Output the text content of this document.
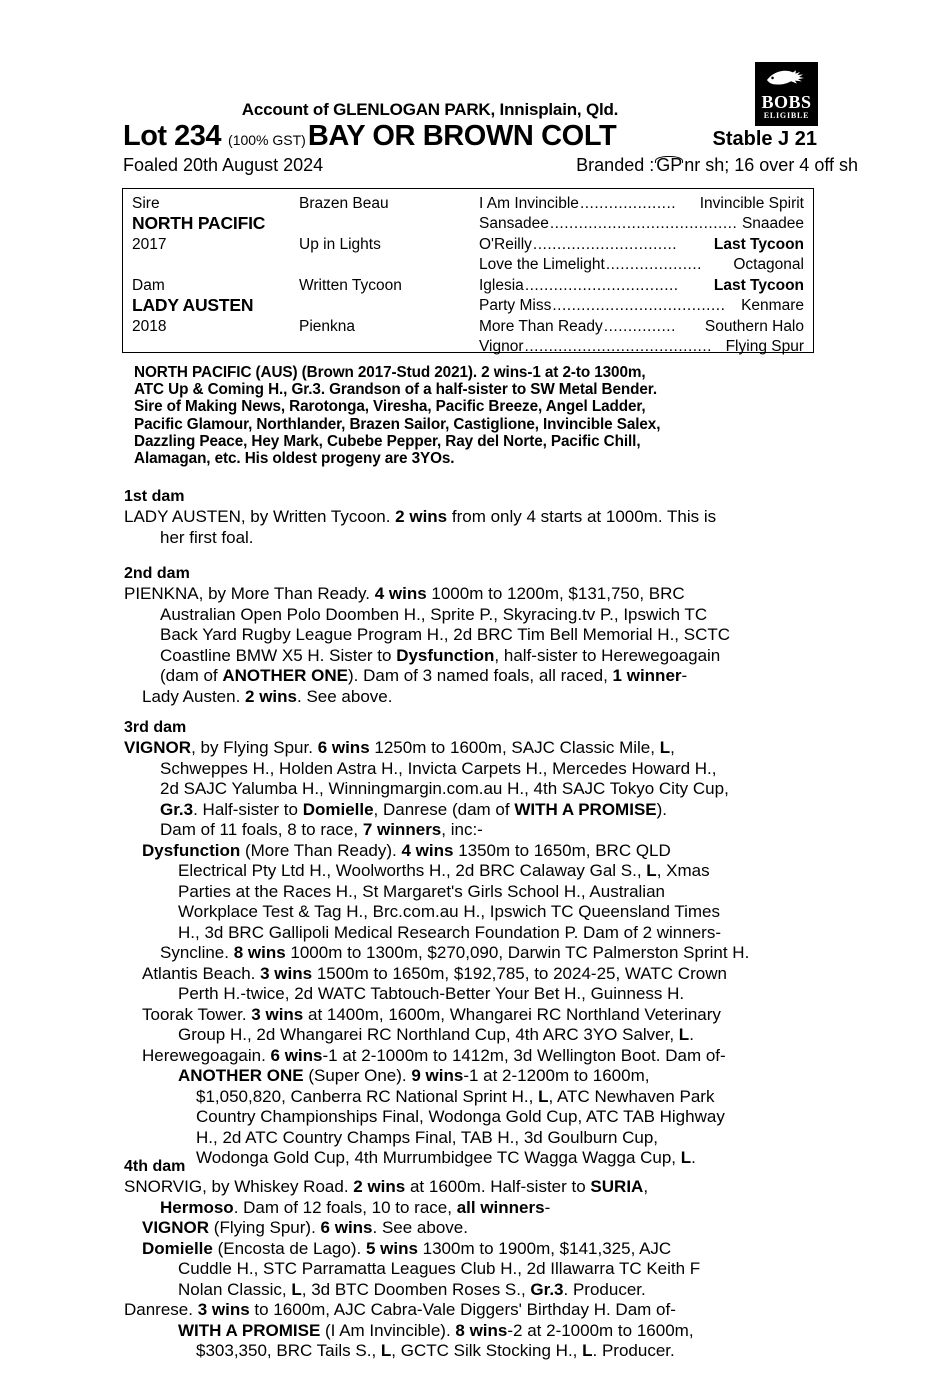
BOBS
ELIGIBLE
Account of GLENLOGAN PARK, Innisplain, Qld.
Lot 234 (100% GST) BAY OR BROWN COLT	Stable J 21
Foaled 20th August 2024	Branded : GP nr sh; 16 over 4 off sh
Sire	Brazen Beau	I Am Invincible ....................	Invincible Spirit
NORTH PACIFIC	Sansadee ....................................... Snaadee
2017	Up in Lights	O'Reilly ..............................	Last Tycoon
Love the Limelight ....................	Octagonal
Dam	Written Tycoon	Iglesia ................................	Last Tycoon
LADY AUSTEN	Party Miss ....................................	Kenmare
2018	Pienkna	More Than Ready ...............	Southern Halo
Vignor ....................................... Flying Spur
NORTH PACIFIC (AUS) (Brown 2017-Stud 2021). 2 wins-1 at 2-to 1300m,
ATC Up & Coming H., Gr.3. Grandson of a half-sister to SW Metal Bender.
Sire of Making News, Rarotonga, Viresha, Pacific Breeze, Angel Ladder,
Pacific Glamour, Northlander, Brazen Sailor, Castiglione, Invincible Salex,
Dazzling Peace, Hey Mark, Cubebe Pepper, Ray del Norte, Pacific Chill,
Alamagan, etc. His oldest progeny are 3YOs.
1st dam
LADY AUSTEN, by Written Tycoon. 2 wins from only 4 starts at 1000m. This is
her first foal.
2nd dam
PIENKNA, by More Than Ready. 4 wins 1000m to 1200m, $131,750, BRC
Australian Open Polo Doomben H., Sprite P., Skyracing.tv P., Ipswich TC
Back Yard Rugby League Program H., 2d BRC Tim Bell Memorial H., SCTC
Coastline BMW X5 H. Sister to Dysfunction, half-sister to Herewegoagain
(dam of ANOTHER ONE). Dam of 3 named foals, all raced, 1 winner-
Lady Austen. 2 wins. See above.
3rd dam
VIGNOR, by Flying Spur. 6 wins 1250m to 1600m, SAJC Classic Mile, L,
Schweppes H., Holden Astra H., Invicta Carpets H., Mercedes Howard H.,
2d SAJC Yalumba H., Winningmargin.com.au H., 4th SAJC Tokyo City Cup,
Gr.3. Half-sister to Domielle, Danrese (dam of WITH A PROMISE).
Dam of 11 foals, 8 to race, 7 winners, inc:-
Dysfunction (More Than Ready). 4 wins 1350m to 1650m, BRC QLD
Electrical Pty Ltd H., Woolworths H., 2d BRC Calaway Gal S., L, Xmas
Parties at the Races H., St Margaret's Girls School H., Australian
Workplace Test & Tag H., Brc.com.au H., Ipswich TC Queensland Times
H., 3d BRC Gallipoli Medical Research Foundation P. Dam of 2 winners-
Syncline. 8 wins 1000m to 1300m, $270,090, Darwin TC Palmerston Sprint H.
Atlantis Beach. 3 wins 1500m to 1650m, $192,785, to 2024-25, WATC Crown
Perth H.-twice, 2d WATC Tabtouch-Better Your Bet H., Guinness H.
Toorak Tower. 3 wins at 1400m, 1600m, Whangarei RC Northland Veterinary
Group H., 2d Whangarei RC Northland Cup, 4th ARC 3YO Salver, L.
Herewegoagain. 6 wins-1 at 2-1000m to 1412m, 3d Wellington Boot. Dam of-
ANOTHER ONE (Super One). 9 wins-1 at 2-1200m to 1600m,
$1,050,820, Canberra RC National Sprint H., L, ATC Newhaven Park
Country Championships Final, Wodonga Gold Cup, ATC TAB Highway
H., 2d ATC Country Champs Final, TAB H., 3d Goulburn Cup,
Wodonga Gold Cup, 4th Murrumbidgee TC Wagga Wagga Cup, L.
4th dam
SNORVIG, by Whiskey Road. 2 wins at 1600m. Half-sister to SURIA,
Hermoso. Dam of 12 foals, 10 to race, all winners-
VIGNOR (Flying Spur). 6 wins. See above.
Domielle (Encosta de Lago). 5 wins 1300m to 1900m, $141,325, AJC
Cuddle H., STC Parramatta Leagues Club H., 2d Illawarra TC Keith F
Nolan Classic, L, 3d BTC Doomben Roses S., Gr.3. Producer.
Danrese. 3 wins to 1600m, AJC Cabra-Vale Diggers' Birthday H. Dam of-
WITH A PROMISE (I Am Invincible). 8 wins-2 at 2-1000m to 1600m,
$303,350, BRC Tails S., L, GCTC Silk Stocking H., L. Producer.
